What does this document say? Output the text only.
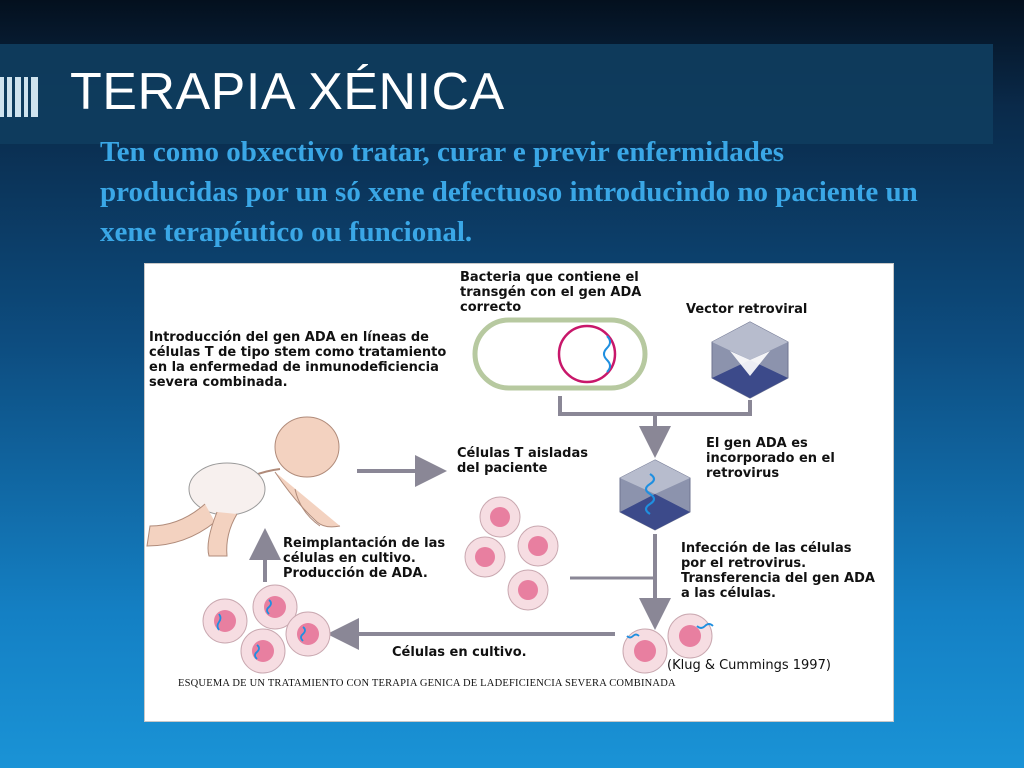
TERAPIA XÉNICA
Ten como obxectivo tratar, curar e previr enfermidades producidas por un só xene defectuoso introducindo no paciente un xene terapéutico ou funcional.
Bacteria que contiene el transgén con el gen ADA correcto	Vector retroviral
Introducción del gen ADA en líneas de células T de tipo stem como tratamiento en la enfermedad de inmunodeficiencia severa combinada.
El gen ADA es incorporado en el retrovirus
Células T aisladas del paciente
Reimplantación de las células en cultivo. Producción de ADA.
Infección de las células por el retrovirus. Transferencia del gen ADA a las células.
Células en cultivo.
(Klug & Cummings 1997)
ESQUEMA DE UN TRATAMIENTO CON TERAPIA GENICA DE LADEFICIENCIA SEVERA COMBINADA
